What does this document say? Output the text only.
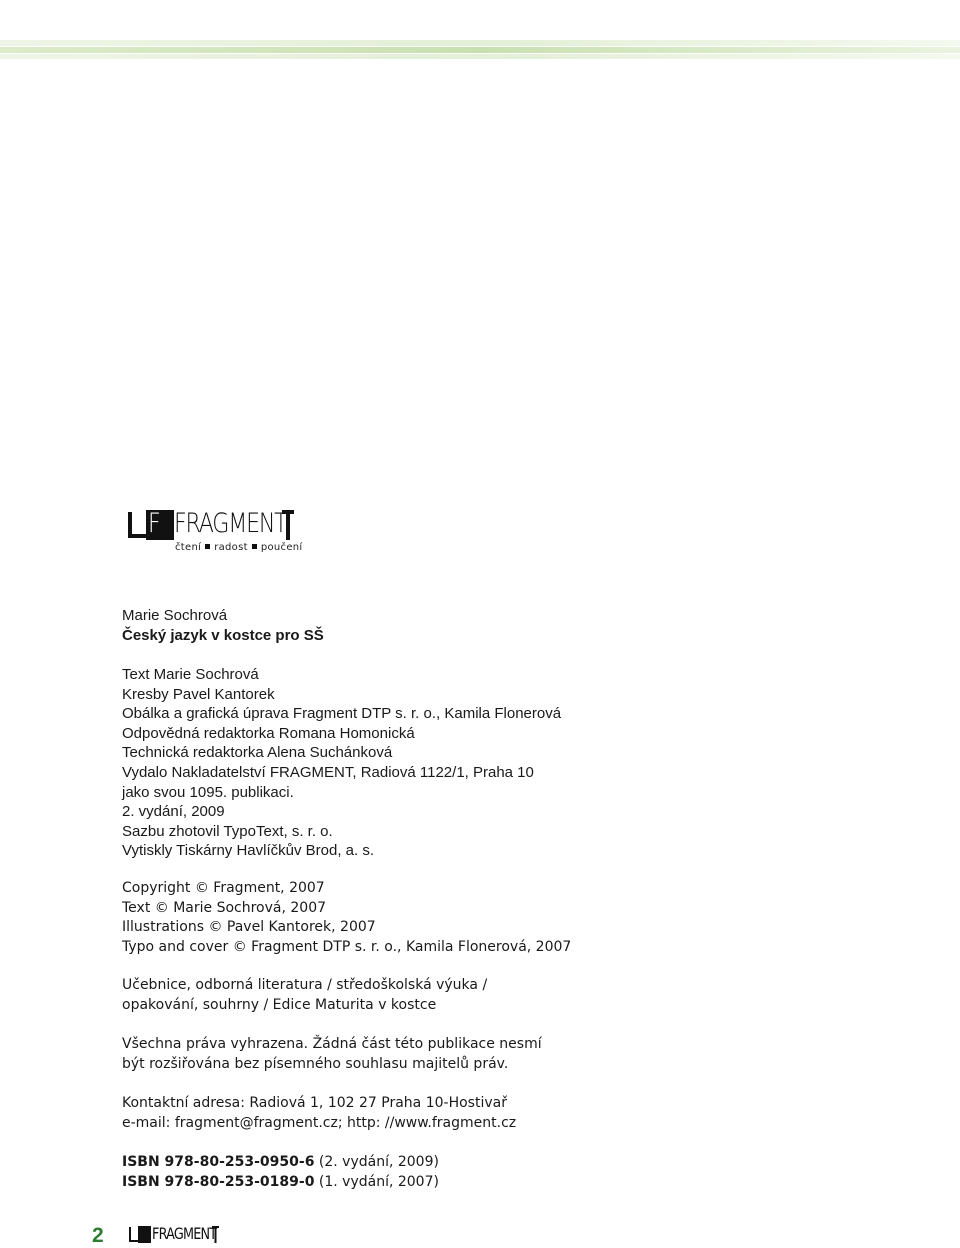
F FRAGMENT
čtení radost poučení
Marie Sochrová
Český jazyk v kostce pro SŠ
Text Marie Sochrová
Kresby Pavel Kantorek
Obálka a grafická úprava Fragment DTP s. r. o., Kamila Flonerová
Odpovědná redaktorka Romana Homonická
Technická redaktorka Alena Suchánková
Vydalo Nakladatelství FRAGMENT, Radiová 1122/1, Praha 10
jako svou 1095. publikaci.
2. vydání, 2009
Sazbu zhotovil TypoText, s. r. o.
Vytiskly Tiskárny Havlíčkův Brod, a. s.
Copyright © Fragment, 2007
Text © Marie Sochrová, 2007
Illustrations © Pavel Kantorek, 2007
Typo and cover © Fragment DTP s. r. o., Kamila Flonerová, 2007
Učebnice, odborná literatura / středoškolská výuka /
opakování, souhrny / Edice Maturita v kostce
Všechna práva vyhrazena. Žádná část této publikace nesmí
být rozšiřována bez písemného souhlasu majitelů práv.
Kontaktní adresa: Radiová 1, 102 27 Praha 10-Hostivař
e-mail: fragment@fragment.cz; http: //www.fragment.cz
ISBN 978-80-253-0950-6 (2. vydání, 2009)
ISBN 978-80-253-0189-0 (1. vydání, 2007)
2	FRAGMENT
